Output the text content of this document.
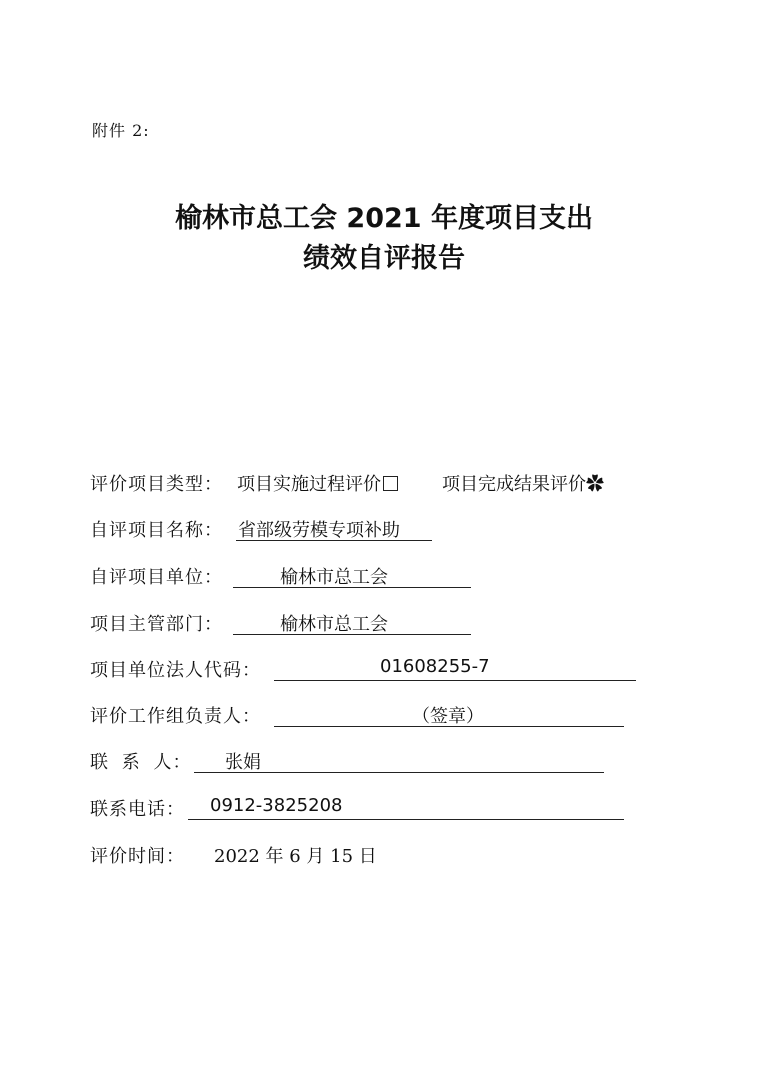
附件 2:
榆林市总工会 2021 年度项目支出
绩效自评报告
评价项目类型： 项目实施过程评价	项目完成结果评价✿
自评项目名称： 省部级劳模专项补助
自评项目单位：	榆林市总工会
项目主管部门：	榆林市总工会
项目单位法人代码：	01608255-7
评价工作组负责人：	（签章）
联 系 人： 张娟
联系电话： 0912-3825208
评价时间： 2022 年 6 月 15 日
